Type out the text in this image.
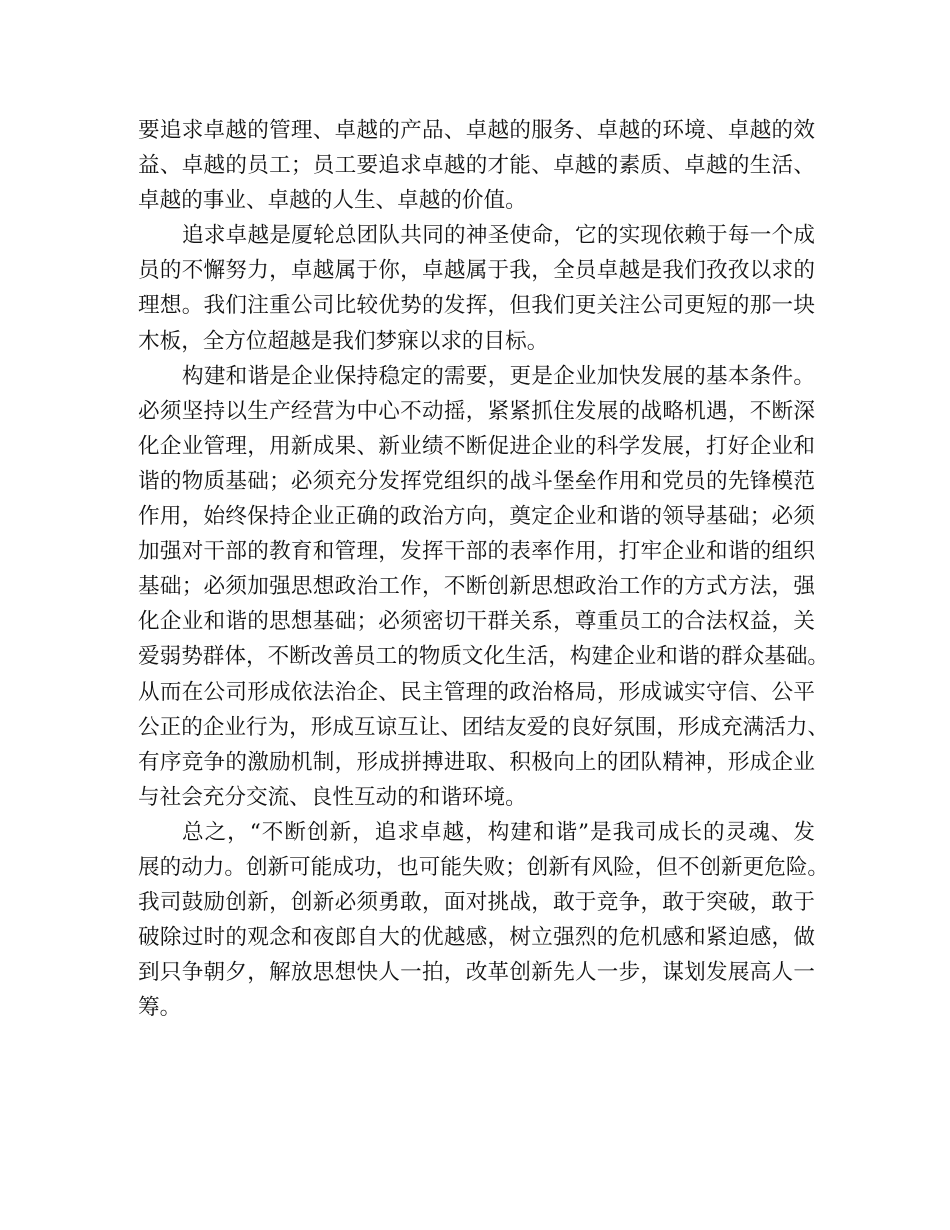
要追求卓越的管理、卓越的产品、卓越的服务、卓越的环境、卓越的效
益、卓越的员工；员工要追求卓越的才能、卓越的素质、卓越的生活、
卓越的事业、卓越的人生、卓越的价值。
追求卓越是厦轮总团队共同的神圣使命，它的实现依赖于每一个成
员的不懈努力，卓越属于你，卓越属于我，全员卓越是我们孜孜以求的
理想。我们注重公司比较优势的发挥，但我们更关注公司更短的那一块
木板，全方位超越是我们梦寐以求的目标。
构建和谐是企业保持稳定的需要，更是企业加快发展的基本条件。
必须坚持以生产经营为中心不动摇，紧紧抓住发展的战略机遇，不断深
化企业管理，用新成果、新业绩不断促进企业的科学发展，打好企业和
谐的物质基础；必须充分发挥党组织的战斗堡垒作用和党员的先锋模范
作用，始终保持企业正确的政治方向，奠定企业和谐的领导基础；必须
加强对干部的教育和管理，发挥干部的表率作用，打牢企业和谐的组织
基础；必须加强思想政治工作，不断创新思想政治工作的方式方法，强
化企业和谐的思想基础；必须密切干群关系，尊重员工的合法权益，关
爱弱势群体，不断改善员工的物质文化生活，构建企业和谐的群众基础。
从而在公司形成依法治企、民主管理的政治格局，形成诚实守信、公平
公正的企业行为，形成互谅互让、团结友爱的良好氛围，形成充满活力、
有序竞争的激励机制，形成拼搏进取、积极向上的团队精神，形成企业
与社会充分交流、良性互动的和谐环境。
总之，“不断创新，追求卓越，构建和谐”是我司成长的灵魂、发
展的动力。创新可能成功，也可能失败；创新有风险，但不创新更危险。
我司鼓励创新，创新必须勇敢，面对挑战，敢于竞争，敢于突破，敢于
破除过时的观念和夜郎自大的优越感，树立强烈的危机感和紧迫感，做
到只争朝夕，解放思想快人一拍，改革创新先人一步，谋划发展高人一
筹。
